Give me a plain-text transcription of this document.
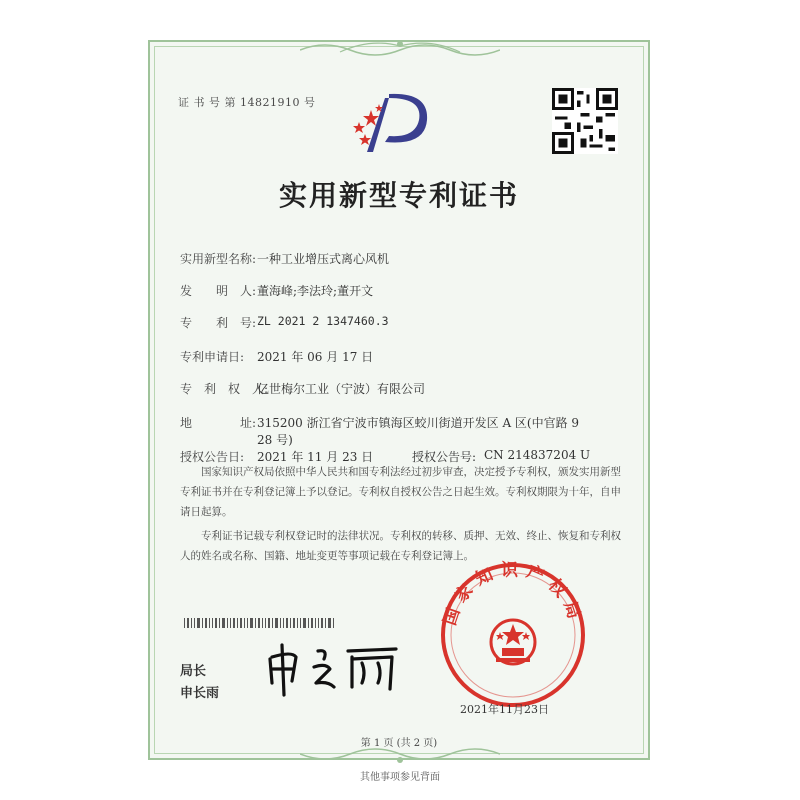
证 书 号 第 14821910 号
实用新型专利证书
实用新型名称: 一种工业增压式离心风机
发　　明　人: 董海峰;李法玲;董开文
专　　利　号: ZL 2021 2 1347460.3
专利申请日: 2021 年 06 月 17 日
专　利　权　人:
亿世梅尔工业（宁波）有限公司
地　　　　址: 315200 浙江省宁波市镇海区蛟川街道开发区 A 区(中官路 9
28 号)
授权公告日: 2021 年 11 月 23 日	授权公告号: CN 214837204 U
国家知识产权局依照中华人民共和国专利法经过初步审查，决定授予专利权，颁发实用新型专利证书并在专利登记簿上予以登记。专利权自授权公告之日起生效。专利权期限为十年，自申请日起算。
专利证书记载专利权登记时的法律状况。专利权的转移、质押、无效、终止、恢复和专利权人的姓名或名称、国籍、地址变更等事项记载在专利登记簿上。
局长
申长雨
国家知识产权局
2021年11月23日
第 1 页 (共 2 页)
其他事项参见背面
